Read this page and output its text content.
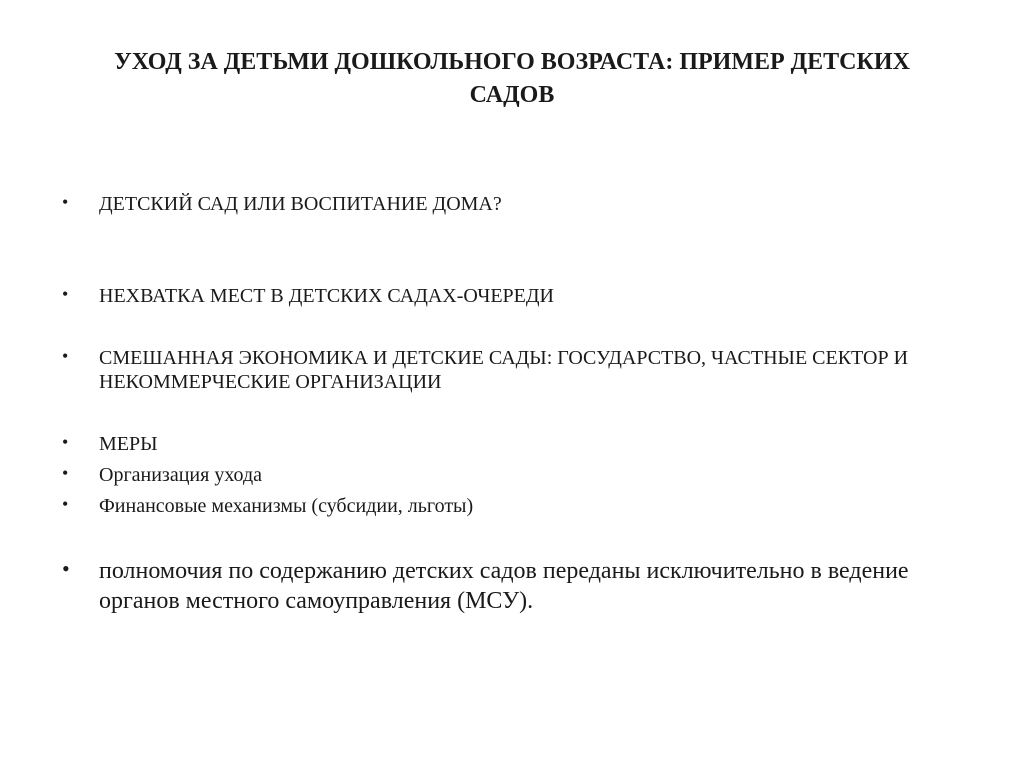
УХОД ЗА ДЕТЬМИ ДОШКОЛЬНОГО ВОЗРАСТА: ПРИМЕР ДЕТСКИХ САДОВ
•	ДЕТСКИЙ САД ИЛИ ВОСПИТАНИЕ ДОМА?
•	НЕХВАТКА МЕСТ В ДЕТСКИХ САДАХ-ОЧЕРЕДИ
•	СМЕШАННАЯ ЭКОНОМИКА И ДЕТСКИЕ САДЫ: ГОСУДАРСТВО, ЧАСТНЫЕ СЕКТОР И НЕКОММЕРЧЕСКИЕ ОРГАНИЗАЦИИ
•	МЕРЫ
•	Организация ухода
•	Финансовые механизмы (субсидии, льготы)
•	полномочия по содержанию детских садов переданы исключительно в ведение органов местного самоуправления (МСУ).
